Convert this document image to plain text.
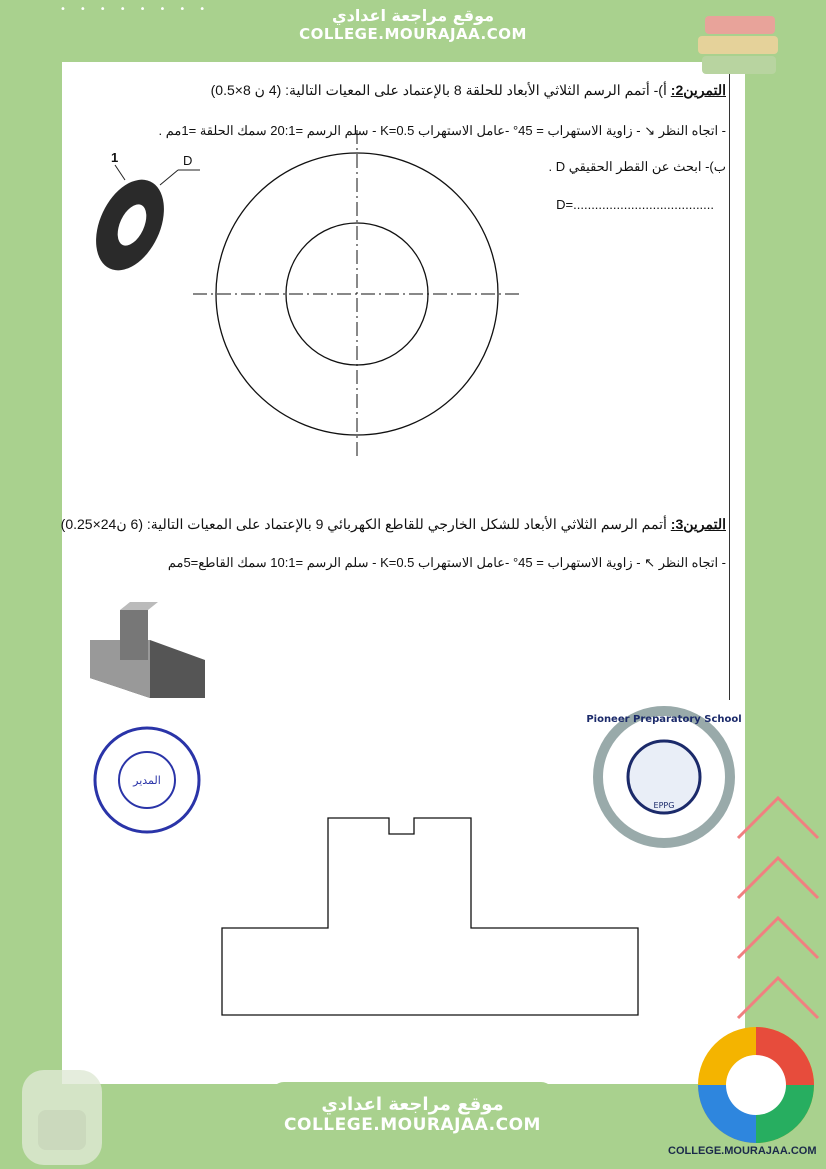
••••••••	موقع مراجعة اعدادي
COLLEGE.MOURAJAA.COM
التمرين2: أ)- أتمم الرسم الثلاثي الأبعاد للحلقة 8 بالإعتماد على المعيات التالية: (4 ن 8×0.5)
- اتجاه النظر ↘ - زاوية الاستهراب = 45° -عامل الاستهراب K=0.5 - سلم الرسم =20:1 سمك الحلقة =1مم .
ب)- ابحث عن القطر الحقيقي D .
D=.......................................
1	D
التمرين3: أتمم الرسم الثلاثي الأبعاد للشكل الخارجي للقاطع الكهربائي 9 بالإعتماد على المعيات التالية: (6 ن24×0.25)
- اتجاه النظر ↖ - زاوية الاستهراب = 45° -عامل الاستهراب K=0.5 - سلم الرسم =10:1 سمك القاطع=5مم
المدير
Pioneer Preparatory School
EPPG
COLLEGE.MOURAJAA.COM
موقع مراجعة اعدادي
COLLEGE.MOURAJAA.COM
